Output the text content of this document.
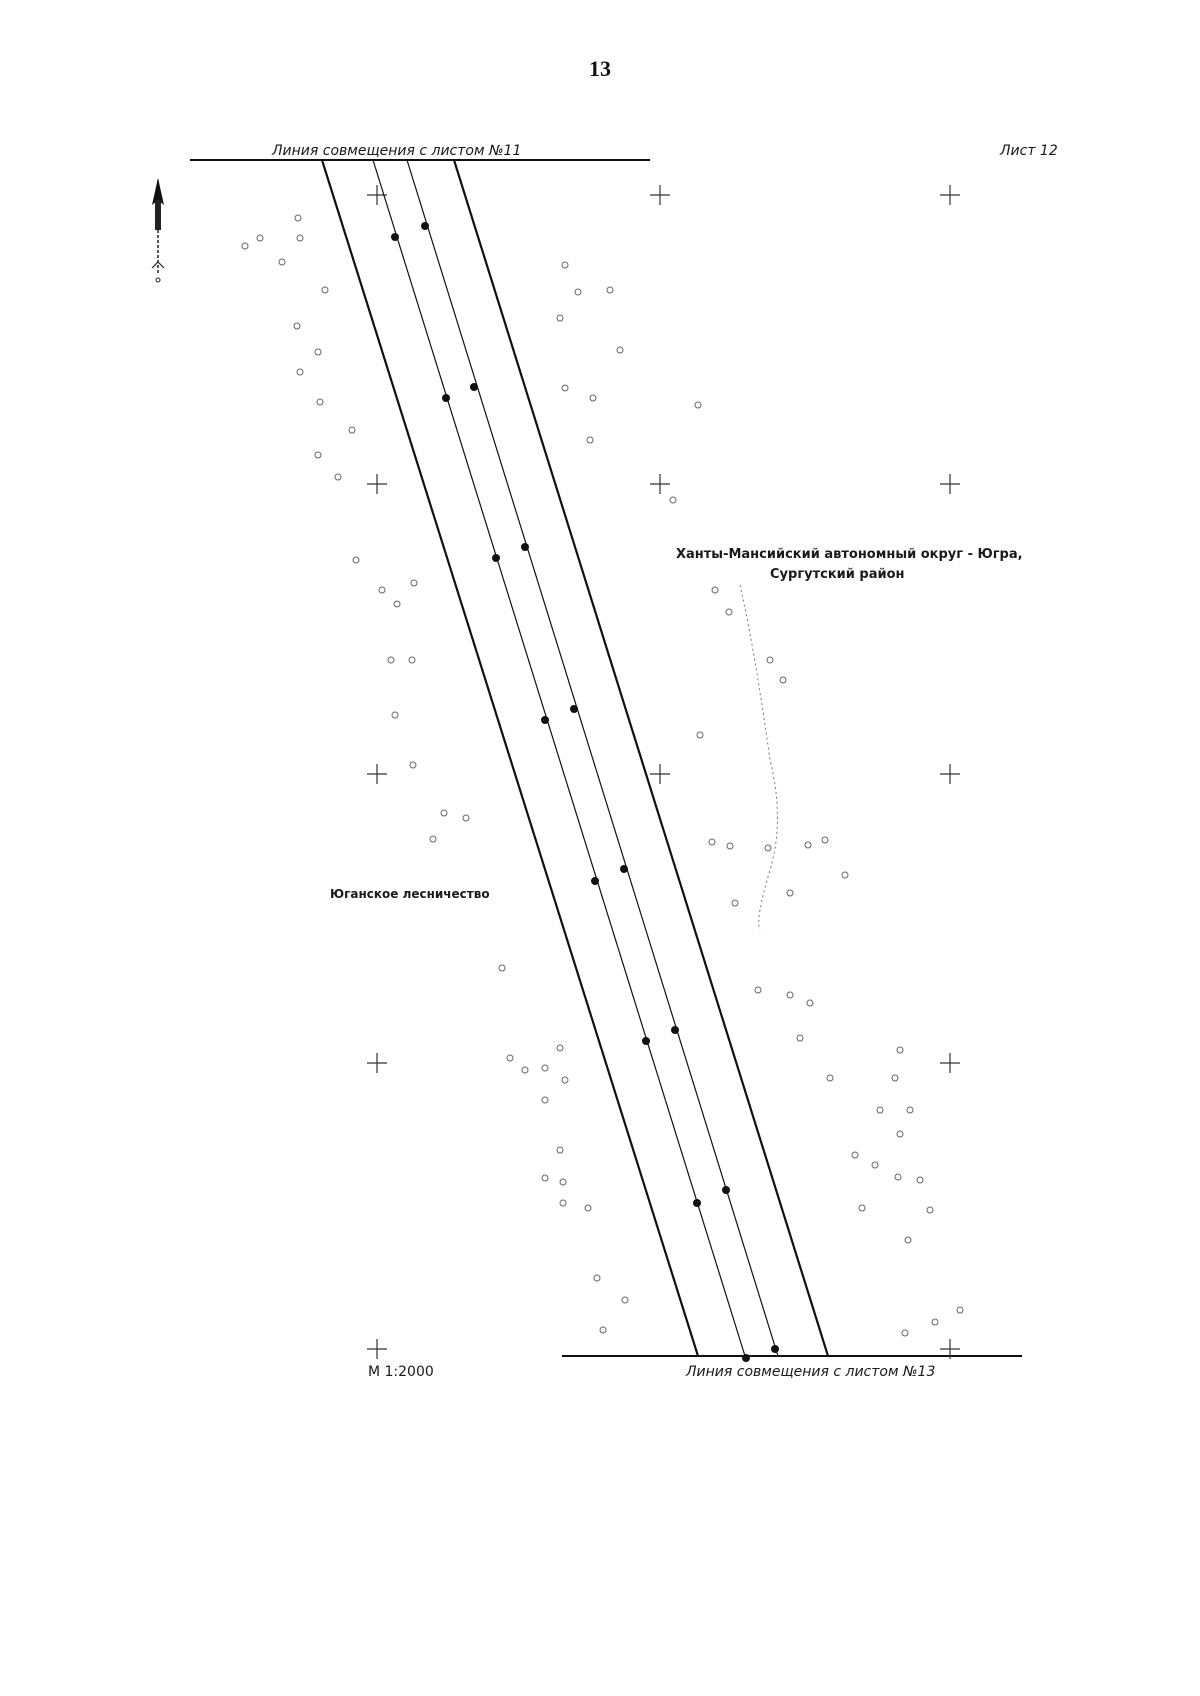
13
Линия совмещения с листом №11	Лист 12
Линия совмещения с листом №13
М 1:2000
Ханты-Мансийский автономный округ - Югра,
Сургутский район
Юганское лесничество
